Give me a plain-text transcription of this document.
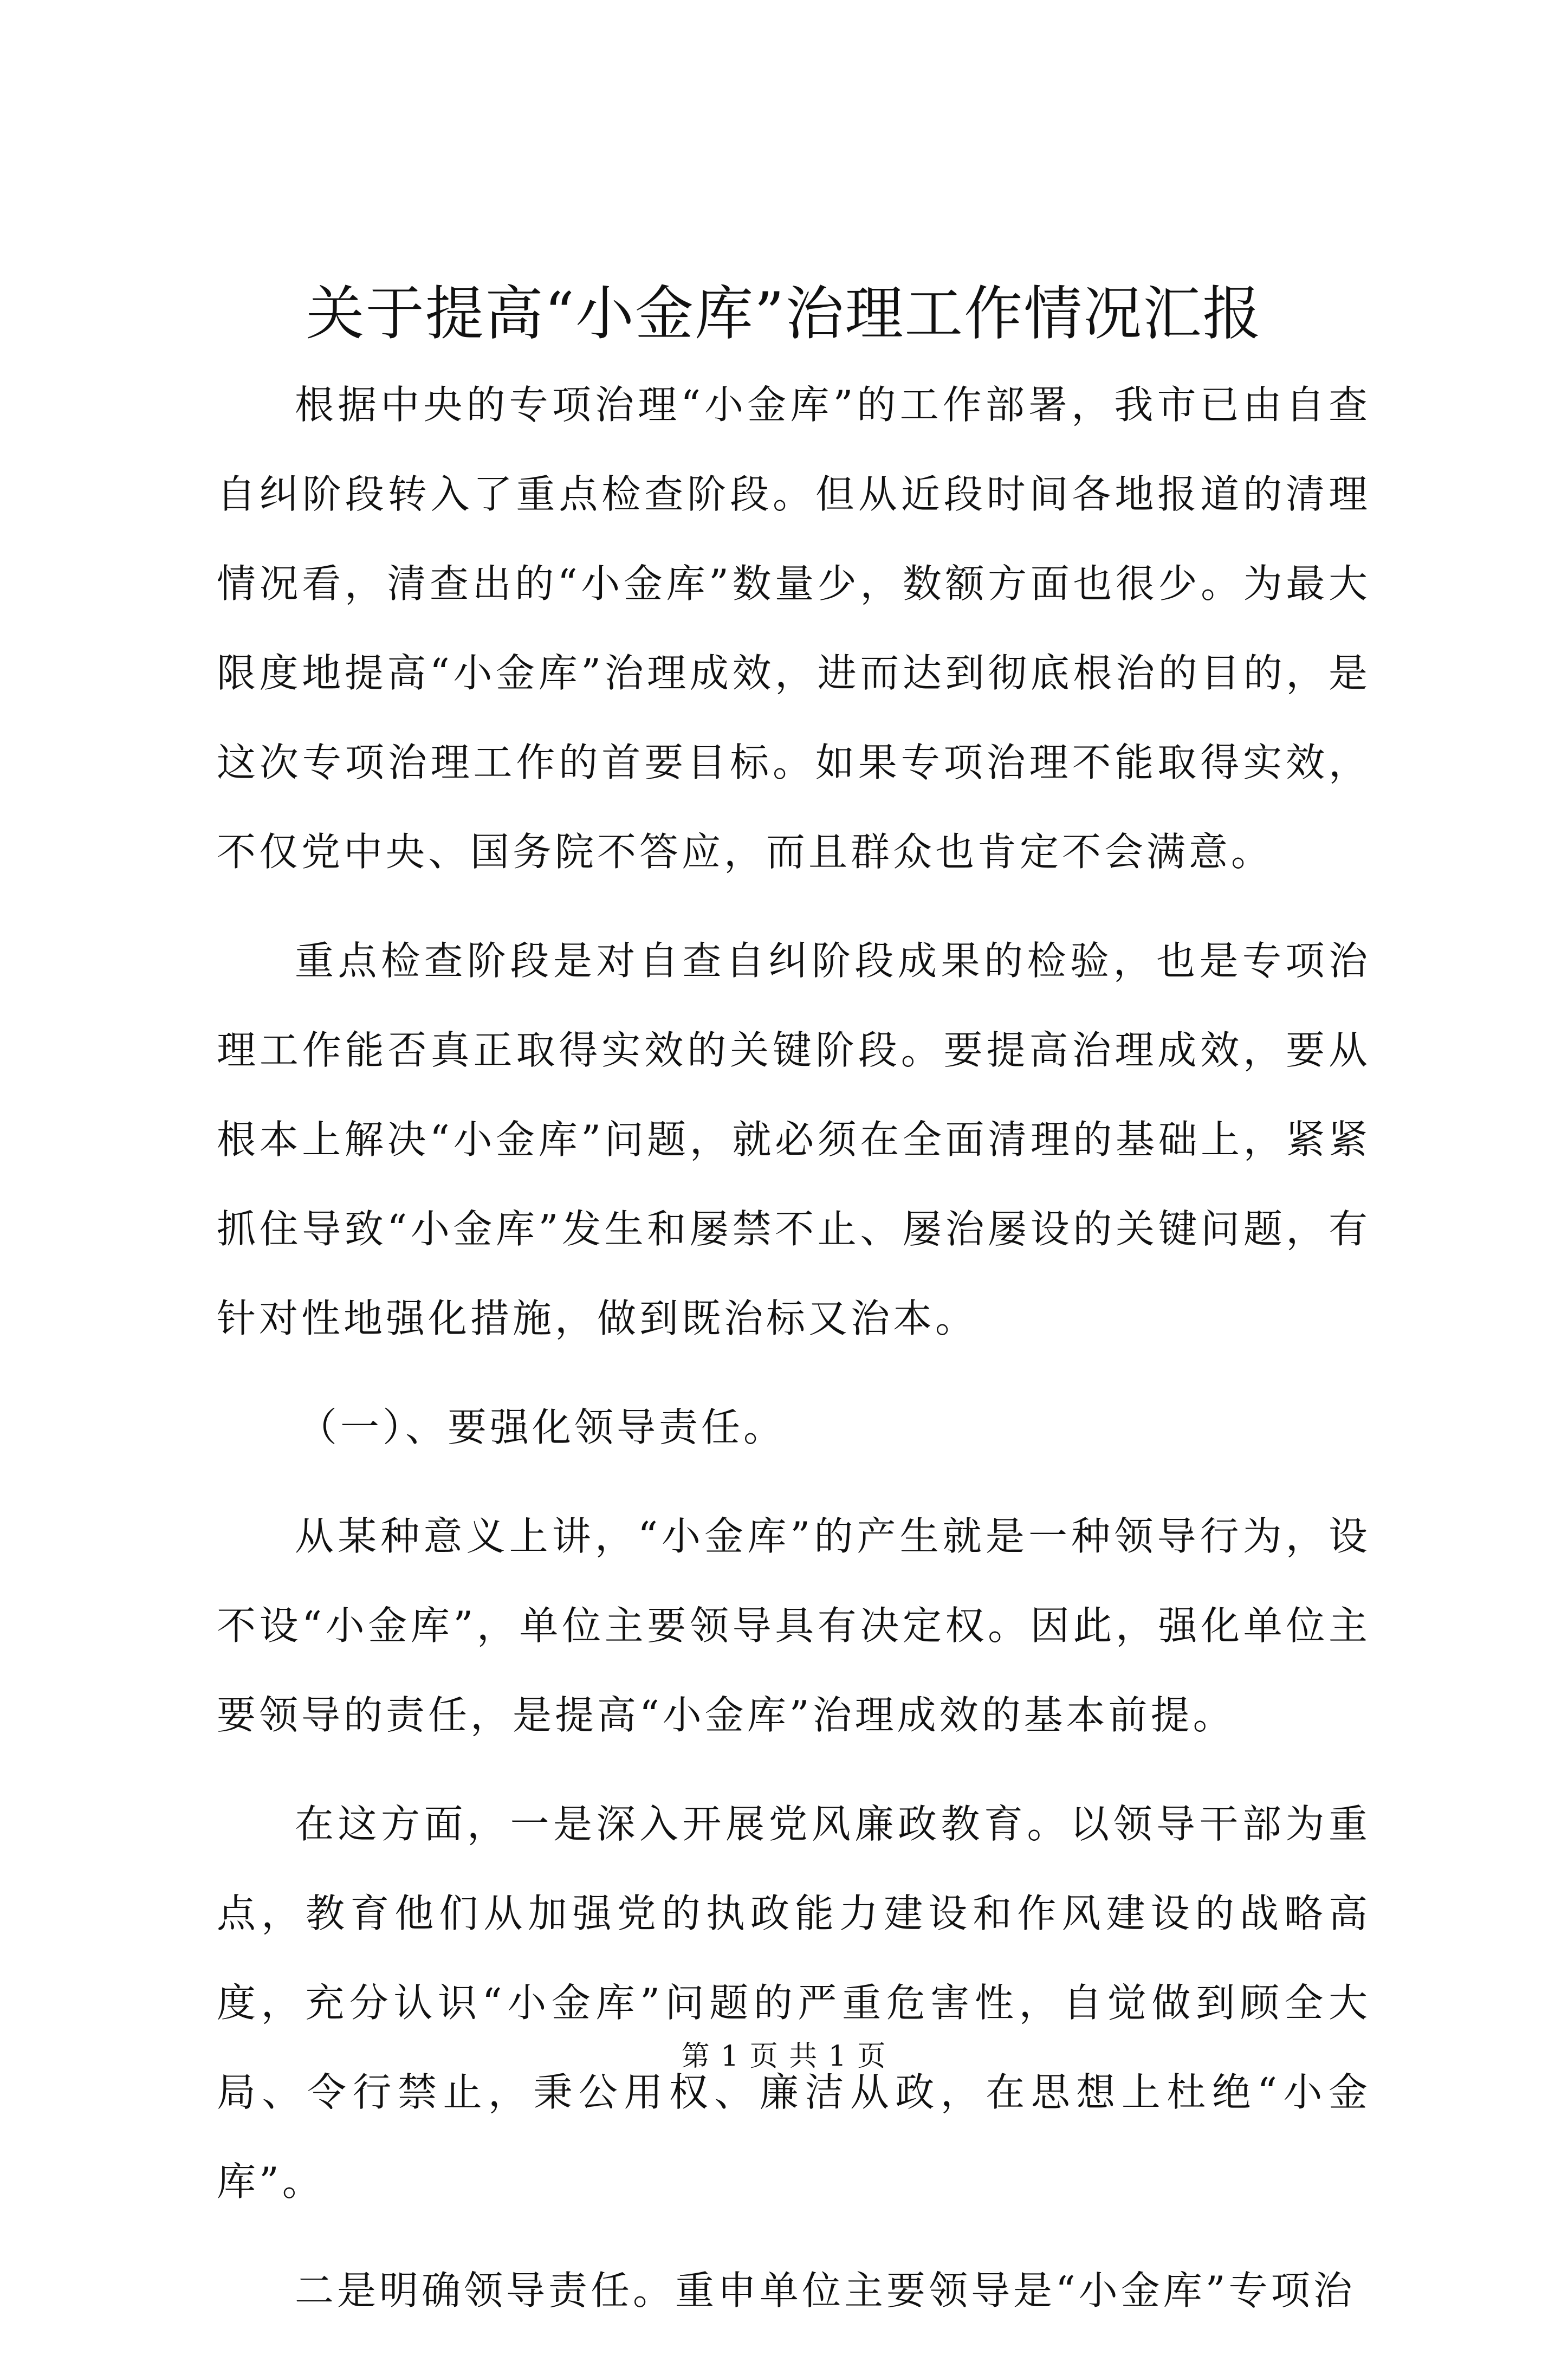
关于提高“小金库”治理工作情况汇报

根据中央的专项治理“小金库”的工作部署，我市已由自查自纠阶段转入了重点检查阶段。但从近段时间各地报道的清理情况看，清查出的“小金库”数量少，数额方面也很少。为最大限度地提高“小金库”治理成效，进而达到彻底根治的目的，是这次专项治理工作的首要目标。如果专项治理不能取得实效，不仅党中央、国务院不答应，而且群众也肯定不会满意。

重点检查阶段是对自查自纠阶段成果的检验，也是专项治理工作能否真正取得实效的关键阶段。要提高治理成效，要从根本上解决“小金库”问题，就必须在全面清理的基础上，紧紧抓住导致“小金库”发生和屡禁不止、屡治屡设的关键问题，有针对性地强化措施，做到既治标又治本。

（一）、要强化领导责任。

从某种意义上讲，“小金库”的产生就是一种领导行为，设不设“小金库”，单位主要领导具有决定权。因此，强化单位主要领导的责任，是提高“小金库”治理成效的基本前提。

在这方面，一是深入开展党风廉政教育。以领导干部为重点，教育他们从加强党的执政能力建设和作风建设的战略高度，充分认识“小金库”问题的严重危害性，自觉做到顾全大局、令行禁止，秉公用权、廉洁从政，在思想上杜绝“小金库”。

二是明确领导责任。重申单位主要领导是“小金库”专项治

第 1 页 共 1 页
